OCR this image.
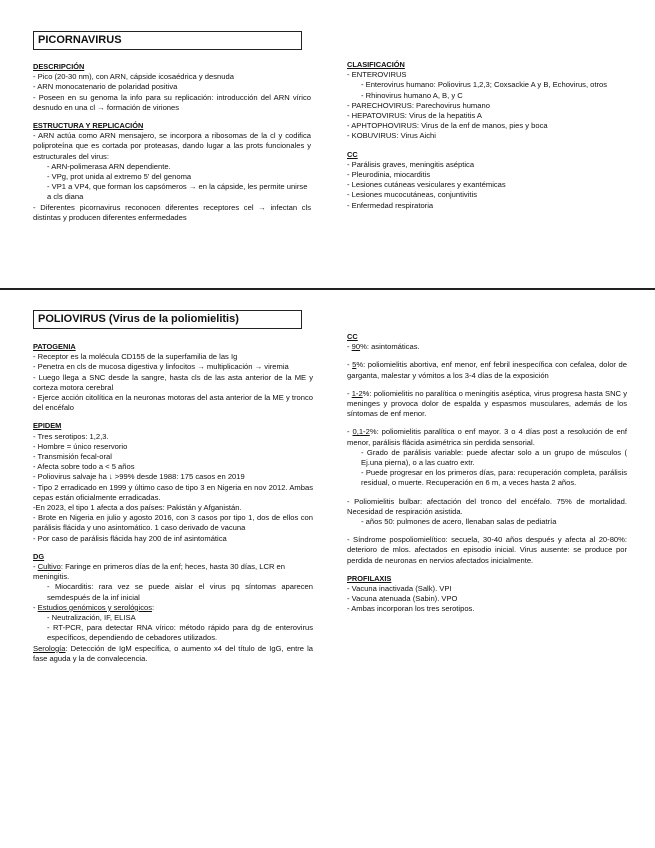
PICORNAVIRUS

DESCRIPCIÓN

- Pico (20-30 nm), con ARN, cápside icosaédrica y desnuda

- ARN monocatenario de polaridad positiva

- Poseen en su genoma la info para su replicación: introducción del ARN vírico desnudo en una cl → formación de viriones

ESTRUCTURA Y REPLICACIÓN

- ARN actúa como ARN mensajero, se incorpora a ribosomas de la cl y codifica poliproteína que es cortada por proteasas, dando lugar a las prots funcionales y estructurales del virus:

- ARN-polimerasa ARN dependiente.

- VPg, prot unida al extremo 5' del genoma

- VP1 a VP4, que forman los capsómeros → en la cápside, les permite unirse a cls diana

- Diferentes picornavirus reconocen diferentes receptores cel → infectan cls distintas y producen diferentes enfermedades

CLASIFICACIÓN

- ENTEROVIRUS

- Enterovirus humano: Poliovirus 1,2,3; Coxsackie A y B, Echovirus, otros

- Rhinovirus humano A, B, y C

- PARECHOVIRUS: Parechovirus humano

- HEPATOVIRUS: Virus de la hepatitis A

- APHTOPHOVIRUS: Virus de la enf de manos, pies y boca

- KOBUVIRUS: Virus Aichi

CC

- Parálisis graves, meningitis aséptica

- Pleurodinia, miocarditis

- Lesiones cutáneas vesiculares y exantémicas

- Lesiones mucocutáneas, conjuntivitis

- Enfermedad respiratoria

POLIOVIRUS (Virus de la poliomielitis)

PATOGENIA

- Receptor es la molécula CD155 de la superfamilia de las Ig

- Penetra en cls de mucosa digestiva y linfocitos → multiplicación → viremia

- Luego llega a SNC desde la sangre, hasta cls de las asta anterior de la ME y corteza motora cerebral

- Ejerce acción citolítica en la neuronas motoras del asta anterior de la ME y tronco del encéfalo

EPIDEM

- Tres serotipos: 1,2,3.

- Hombre = único reservorio

- Transmisión fecal-oral

- Afecta sobre todo a < 5 años

- Poliovirus salvaje ha ↓ >99% desde 1988: 175 casos en 2019

- Tipo 2 erradicado en 1999 y último caso de tipo 3 en Nigeria en nov 2012. Ambas cepas están oficialmente erradicadas.

-En 2023, el tipo 1 afecta a dos países: Pakistán y Afganistán.

- Brote en Nigeria en julio y agosto 2016, con 3 casos por tipo 1, dos de ellos con parálisis flácida y uno asintomático. 1 caso derivado de vacuna

- Por caso de parálisis flácida hay 200 de inf asintomática

DG

- Cultivo: Faringe en primeros días de la enf; heces, hasta 30 días, LCR en meningitis.

- Miocarditis: rara vez se puede aislar el virus pq síntomas aparecen semdespués de la inf inicial

- Estudios genómicos y serológicos:

- Neutralización, IF, ELISA

- RT-PCR, para detectar RNA vírico: método rápido para dg de enterovirus específicos, dependiendo de cebadores utilizados.

Serología: Detección de IgM específica, o aumento x4 del título de IgG, entre la fase aguda y la de convalecencia.

CC

- 90%: asintomáticas.

- 5%: poliomielitis abortiva, enf menor, enf febril inespecífica con cefalea, dolor de garganta, malestar y vómitos a los 3-4 días de la exposición

- 1-2%: poliomielitis no paralítica o meningitis aséptica, virus progresa hasta SNC y meninges y provoca dolor de espalda y espasmos musculares, además de los síntomas de enf menor.

- 0,1-2%: poliomielitis paralítica o enf mayor. 3 o 4 días post a resolución de enf menor, parálisis flácida asimétrica sin perdida sensorial.

- Grado de parálisis variable: puede afectar solo a un grupo de músculos ( Ej.una pierna), o a las cuatro extr.

- Puede progresar en los primeros días, para: recuperación completa, parálisis residual, o muerte. Recuperación en 6 m, a veces hasta 2 años.

- Poliomielitis bulbar: afectación del tronco del encéfalo. 75% de mortalidad. Necesidad de respiración asistida.

- años 50: pulmones de acero, llenaban salas de pediatría

- Síndrome pospoliomielítico: secuela, 30-40 años después y afecta al 20-80%: deterioro de mlos. afectados en episodio inicial. Virus ausente: se produce por perdida de neuronas en nervios afectados inicialmente.

PROFILAXIS

- Vacuna inactivada (Salk). VPI

- Vacuna atenuada (Sabin). VPO

- Ambas incorporan los tres serotipos.
